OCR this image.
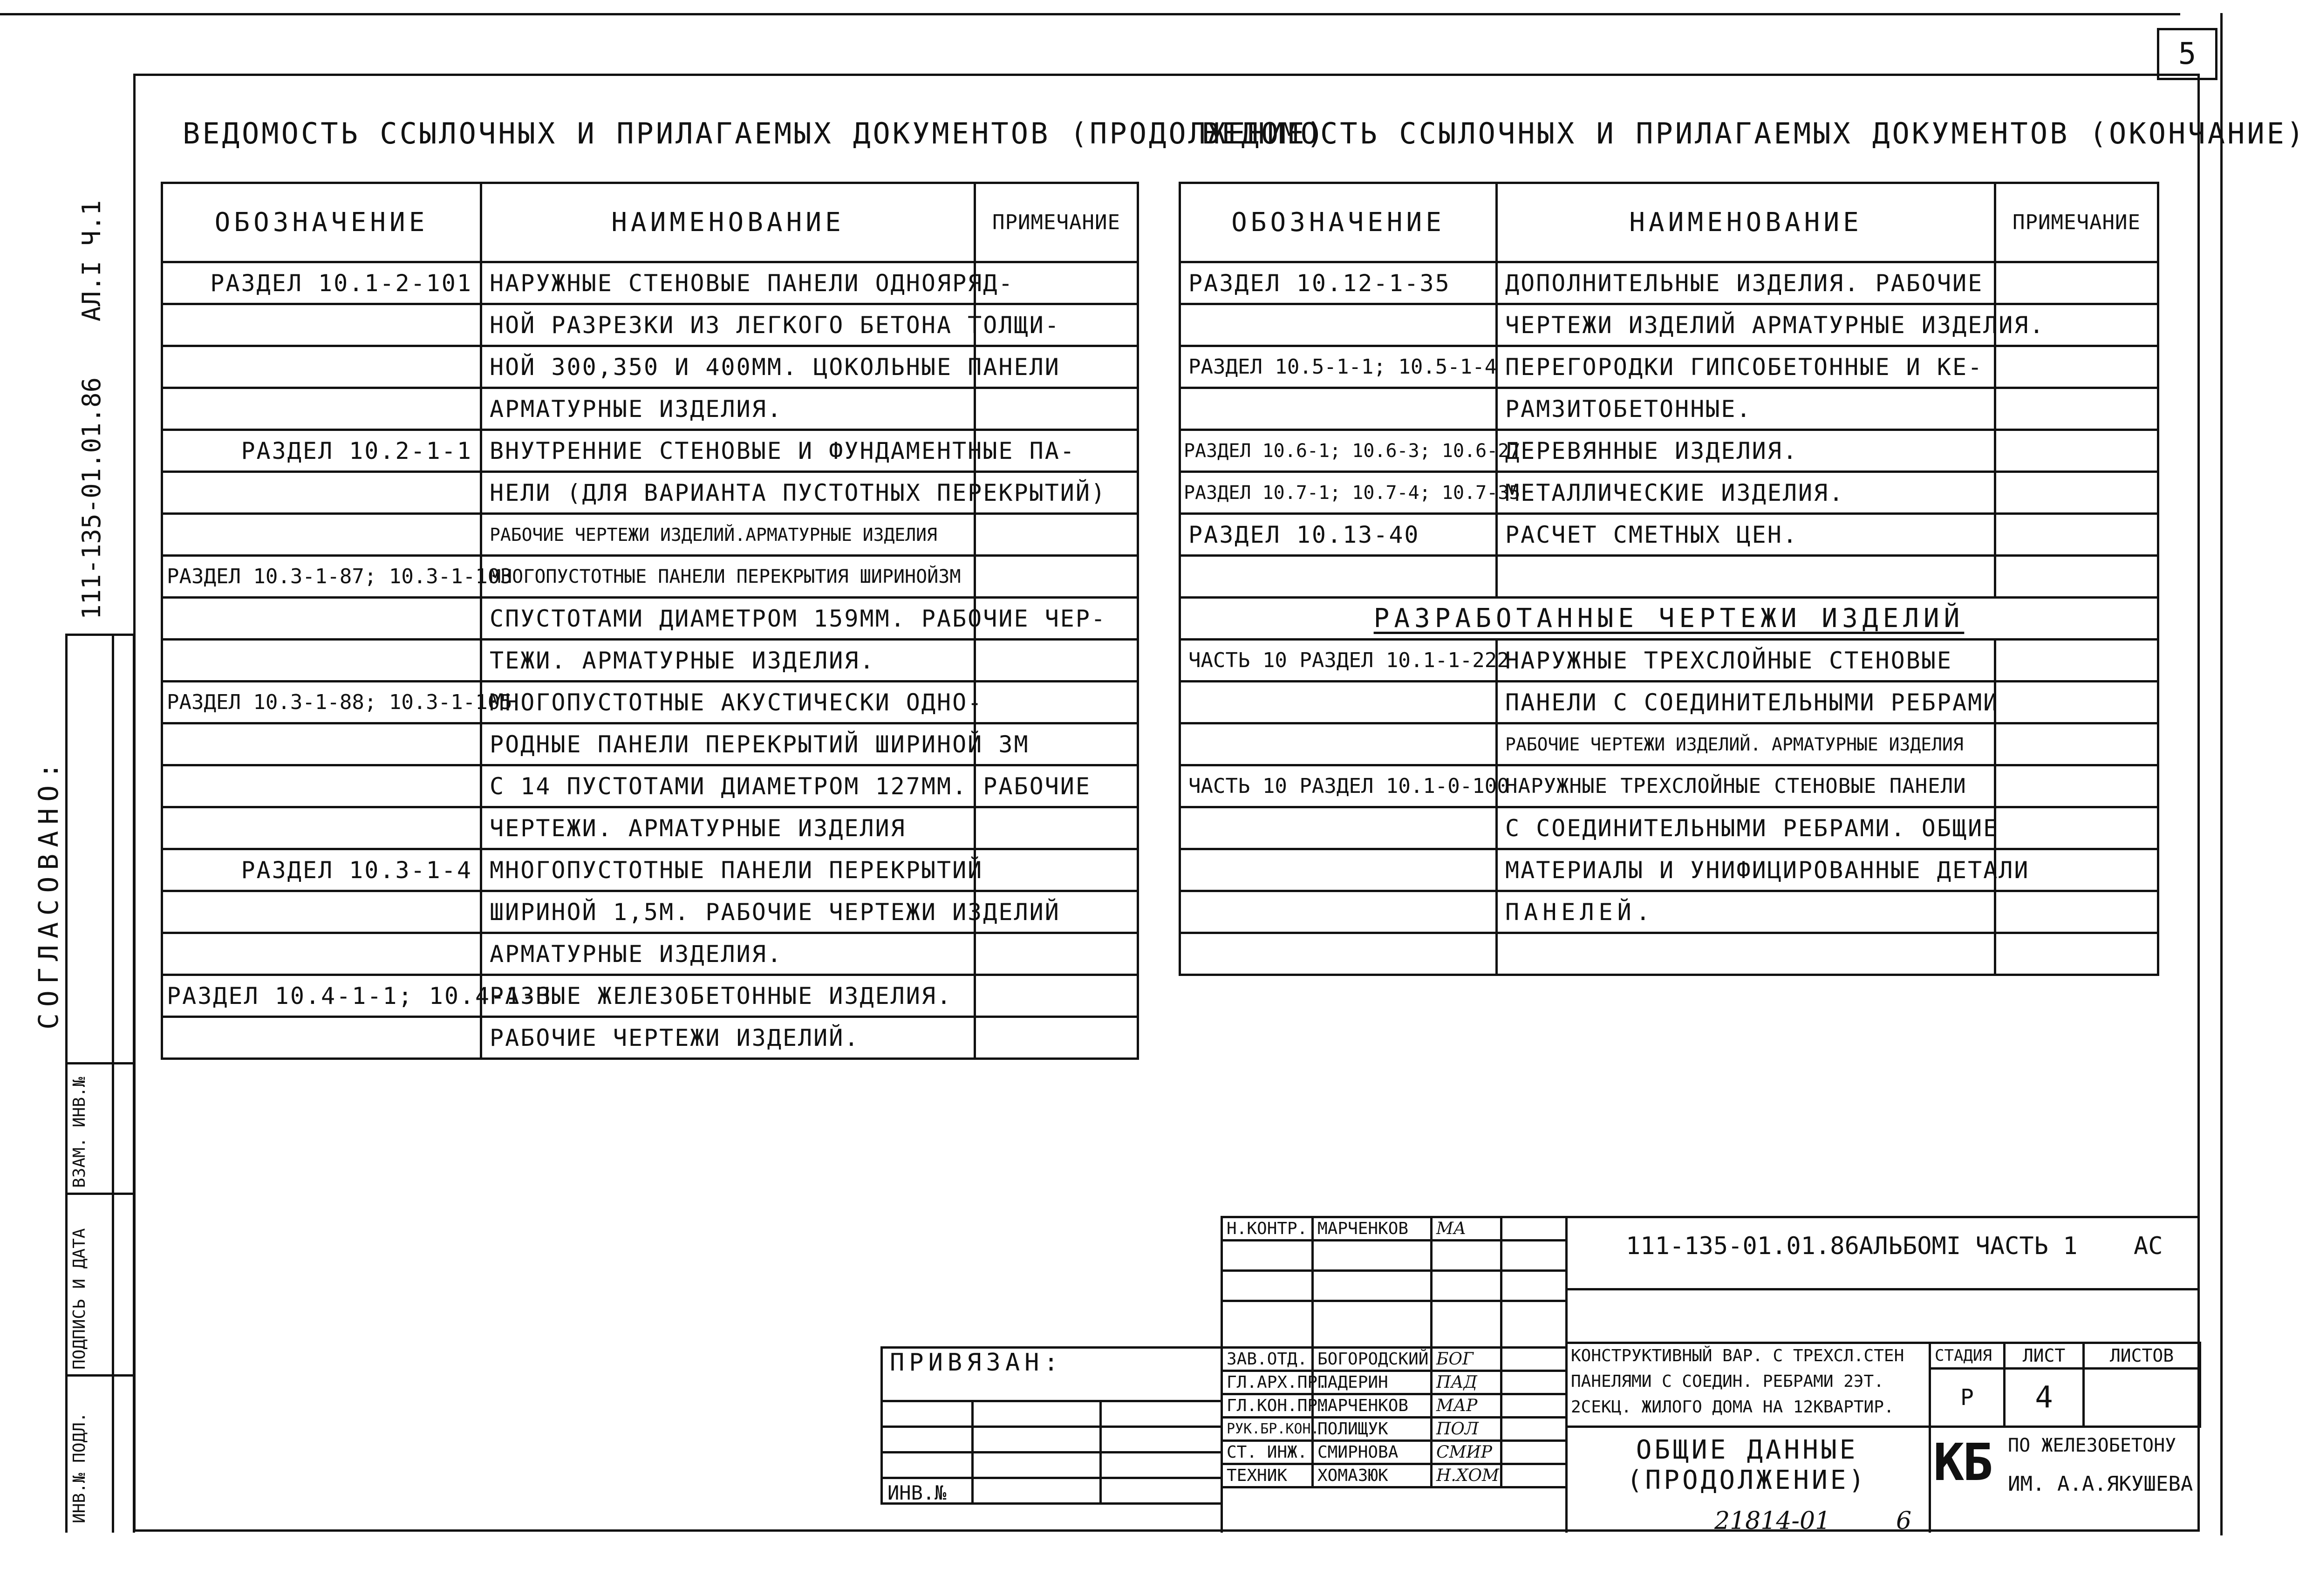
5
АЛ.I Ч.1
111-135-01.01.86
СОГЛАСОВАНО:
ИНВ.№ ПОДЛ.
ПОДПИСЬ И ДАТА
ВЗАМ. ИНВ.№
ВЕДОМОСТЬ ССЫЛОЧНЫХ И ПРИЛАГАЕМЫХ ДОКУМЕНТОВ (ПРОДОЛЖЕНИЕ)
ВЕДОМОСТЬ ССЫЛОЧНЫХ И ПРИЛАГАЕМЫХ ДОКУМЕНТОВ (ОКОНЧАНИЕ)
ОБОЗНАЧЕНИЕ	НАИМЕНОВАНИЕ	ПРИМЕЧАНИЕ
РАЗДЕЛ 10.1-2-101	НАРУЖНЫЕ СТЕНОВЫЕ ПАНЕЛИ ОДНОЯРЯД-	
	НОЙ РАЗРЕЗКИ ИЗ ЛЕГКОГО БЕТОНА ТОЛЩИ-	
	НОЙ 300,350 И 400ММ. ЦОКОЛЬНЫЕ ПАНЕЛИ	
	АРМАТУРНЫЕ ИЗДЕЛИЯ.	
РАЗДЕЛ 10.2-1-1	ВНУТРЕННИЕ СТЕНОВЫЕ И ФУНДАМЕНТНЫЕ ПА-	
	НЕЛИ (ДЛЯ ВАРИАНТА ПУСТОТНЫХ ПЕРЕКРЫТИЙ)	
	РАБОЧИЕ ЧЕРТЕЖИ ИЗДЕЛИЙ.АРМАТУРНЫЕ ИЗДЕЛИЯ	
РАЗДЕЛ 10.3-1-87; 10.3-1-103	МНОГОПУСТОТНЫЕ ПАНЕЛИ ПЕРЕКРЫТИЯ ШИРИНОЙ3М	
	СПУСТОТАМИ ДИАМЕТРОМ 159ММ. РАБОЧИЕ ЧЕР-	
	ТЕЖИ. АРМАТУРНЫЕ ИЗДЕЛИЯ.	
РАЗДЕЛ 10.3-1-88; 10.3-1-105	МНОГОПУСТОТНЫЕ АКУСТИЧЕСКИ ОДНО-	
	РОДНЫЕ ПАНЕЛИ ПЕРЕКРЫТИЙ ШИРИНОЙ 3М	
	С 14 ПУСТОТАМИ ДИАМЕТРОМ 127ММ. РАБОЧИЕ	
	ЧЕРТЕЖИ. АРМАТУРНЫЕ ИЗДЕЛИЯ	
РАЗДЕЛ 10.3-1-4	МНОГОПУСТОТНЫЕ ПАНЕЛИ ПЕРЕКРЫТИЙ	
	ШИРИНОЙ 1,5М. РАБОЧИЕ ЧЕРТЕЖИ ИЗДЕЛИЙ	
	АРМАТУРНЫЕ ИЗДЕЛИЯ.	
РАЗДЕЛ 10.4-1-1; 10.4-1-3	РАЗНЫЕ ЖЕЛЕЗОБЕТОННЫЕ ИЗДЕЛИЯ.	
	РАБОЧИЕ ЧЕРТЕЖИ ИЗДЕЛИЙ.	
ОБОЗНАЧЕНИЕ	НАИМЕНОВАНИЕ	ПРИМЕЧАНИЕ
РАЗДЕЛ 10.12-1-35	ДОПОЛНИТЕЛЬНЫЕ ИЗДЕЛИЯ. РАБОЧИЕ	
	ЧЕРТЕЖИ ИЗДЕЛИЙ АРМАТУРНЫЕ ИЗДЕЛИЯ.	
РАЗДЕЛ 10.5-1-1; 10.5-1-4	ПЕРЕГОРОДКИ ГИПСОБЕТОННЫЕ И КЕ-	
	РАМЗИТОБЕТОННЫЕ.	
РАЗДЕЛ 10.6-1; 10.6-3; 10.6-27	ДЕРЕВЯННЫЕ ИЗДЕЛИЯ.	
РАЗДЕЛ 10.7-1; 10.7-4; 10.7-35	МЕТАЛЛИЧЕСКИЕ ИЗДЕЛИЯ.	
РАЗДЕЛ 10.13-40	РАСЧЕТ СМЕТНЫХ ЦЕН.	

РАЗРАБОТАННЫЕ ЧЕРТЕЖИ ИЗДЕЛИЙ		
ЧАСТЬ 10 РАЗДЕЛ 10.1-1-222	НАРУЖНЫЕ ТРЕХСЛОЙНЫЕ СТЕНОВЫЕ	
	ПАНЕЛИ С СОЕДИНИТЕЛЬНЫМИ РЕБРАМИ	
	РАБОЧИЕ ЧЕРТЕЖИ ИЗДЕЛИЙ. АРМАТУРНЫЕ ИЗДЕЛИЯ	
ЧАСТЬ 10 РАЗДЕЛ 10.1-0-100	НАРУЖНЫЕ ТРЕХСЛОЙНЫЕ СТЕНОВЫЕ ПАНЕЛИ	
	С СОЕДИНИТЕЛЬНЫМИ РЕБРАМИ. ОБЩИЕ	
	МАТЕРИАЛЫ И УНИФИЦИРОВАННЫЕ ДЕТАЛИ	
	ПАНЕЛЕЙ.	

Н.КОНТР.	МАРЧЕНКОВ	МА	

ЗАВ.ОТД.	БОГОРОДСКИЙ	БОГ	
ГЛ.АРХ.ПР.	ПАДЕРИН	ПАД	
ГЛ.КОН.ПР.	МАРЧЕНКОВ	МАР	
РУК.БР.КОН.	ПОЛИЩУК	ПОЛ	
СТ. ИНЖ.	СМИРНОВА	СМИР	
ТЕХНИК	ХОМАЗЮК	Н.ХОМ	
ПРИВЯЗАН:
ИНВ.№
111-135-01.01.86 АЛЬБОМI ЧАСТЬ 1 АС
КОНСТРУКТИВНЫЙ ВАР. С ТРЕХСЛ.СТЕН
ПАНЕЛЯМИ С СОЕДИН. РЕБРАМИ 2ЭТ.
2СЕКЦ. ЖИЛОГО ДОМА НА 12КВАРТИР.
СТАДИЯ	ЛИСТ	ЛИСТОВ
Р	4	
ОБЩИЕ ДАННЫЕ
(ПРОДОЛЖЕНИЕ)	КБ ПО ЖЕЛЕЗОБЕТОНУ
ИМ. А.А.ЯКУШЕВА
21814-01	6
